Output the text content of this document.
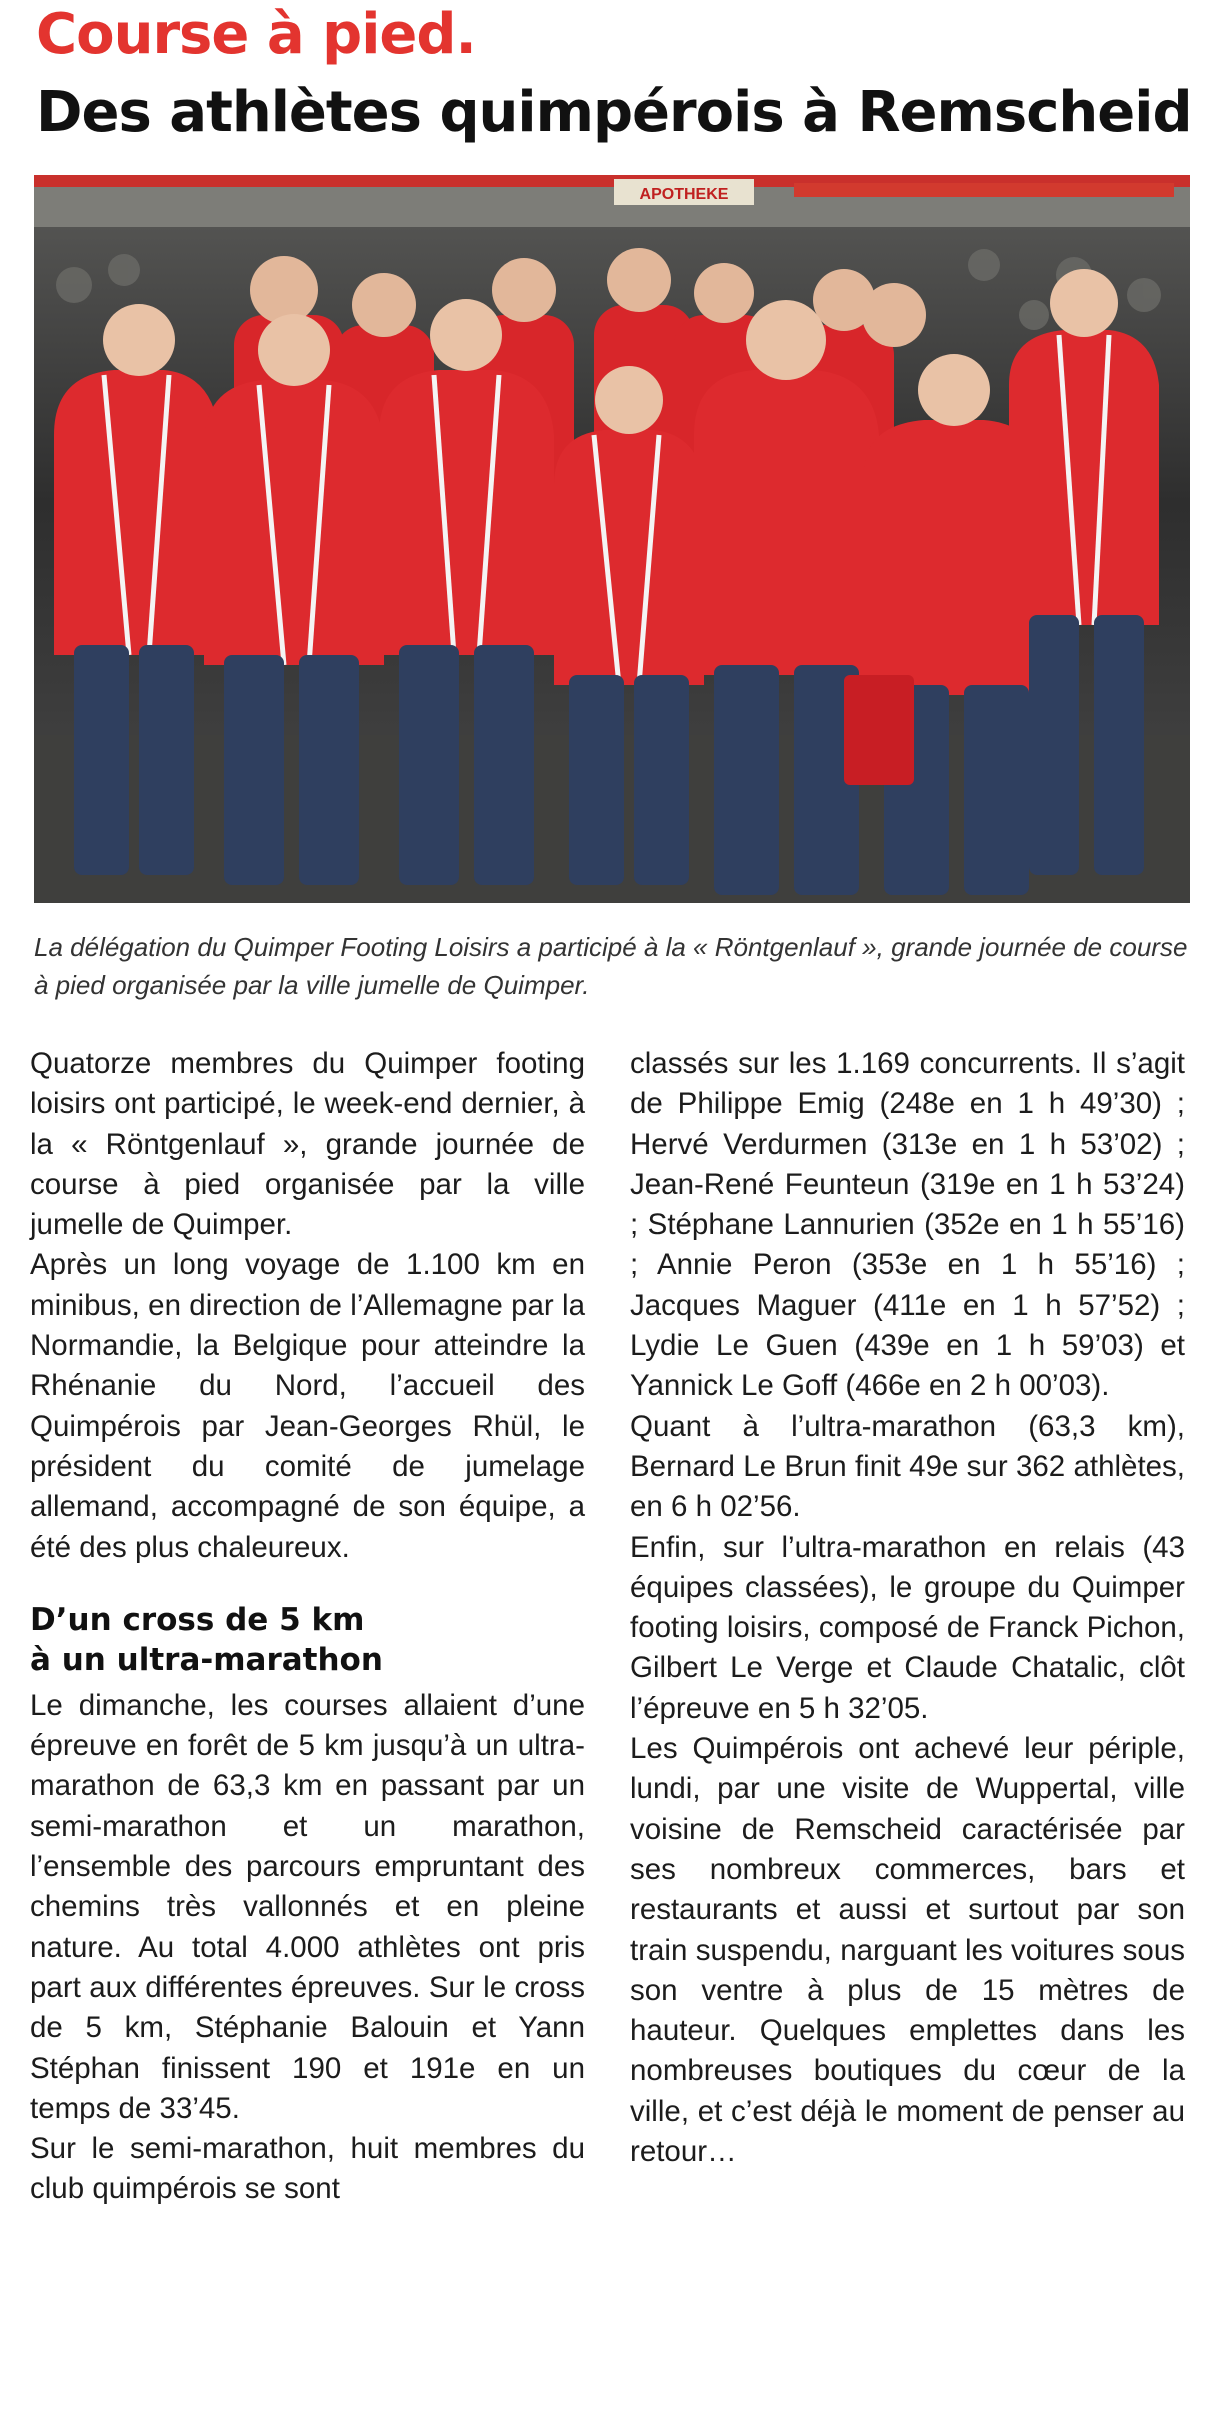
Course à pied.
Des athlètes quimpérois à Remscheid
APOTHEKE
La délégation du Quimper Footing Loisirs a participé à la « Röntgenlauf », grande journée de course à pied organisée par la ville jumelle de Quimper.

Quatorze membres du Quimper footing loisirs ont participé, le week-end dernier, à la « Röntgenlauf », grande journée de course à pied organisée par la ville jumelle de Quimper.

Après un long voyage de 1.100 km en minibus, en direction de l’Allemagne par la Normandie, la Belgique pour atteindre la Rhénanie du Nord, l’accueil des Quimpérois par Jean-Georges Rhül, le président du comité de jumelage allemand, accompagné de son équipe, a été des plus chaleureux.

D’un cross de 5 km
à un ultra-marathon

Le dimanche, les courses allaient d’une épreuve en forêt de 5 km jusqu’à un ultra-marathon de 63,3 km en passant par un semi-marathon et un marathon, l’ensemble des parcours empruntant des chemins très vallonnés et en pleine nature. Au total 4.000 athlètes ont pris part aux différentes épreuves. Sur le cross de 5 km, Stéphanie Balouin et Yann Stéphan finissent 190 et 191e en un temps de 33’45.

Sur le semi-marathon, huit membres du club quimpérois se sont

classés sur les 1.169 concurrents. Il s’agit de Philippe Emig (248e en 1 h 49’30) ; Hervé Verdurmen (313e en 1 h 53’02) ; Jean-René Feunteun (319e en 1 h 53’24) ; Stéphane Lannurien (352e en 1 h 55’16) ; Annie Peron (353e en 1 h 55’16) ; Jacques Maguer (411e en 1 h 57’52) ; Lydie Le Guen (439e en 1 h 59’03) et Yannick Le Goff (466e en 2 h 00’03).

Quant à l’ultra-marathon (63,3 km), Bernard Le Brun finit 49e sur 362 athlètes, en 6 h 02’56.

Enfin, sur l’ultra-marathon en relais (43 équipes classées), le groupe du Quimper footing loisirs, composé de Franck Pichon, Gilbert Le Verge et Claude Chatalic, clôt l’épreuve en 5 h 32’05.

Les Quimpérois ont achevé leur périple, lundi, par une visite de Wuppertal, ville voisine de Remscheid caractérisée par ses nombreux commerces, bars et restaurants et aussi et surtout par son train suspendu, narguant les voitures sous son ventre à plus de 15 mètres de hauteur. Quelques emplettes dans les nombreuses boutiques du cœur de la ville, et c’est déjà le moment de penser au retour…
